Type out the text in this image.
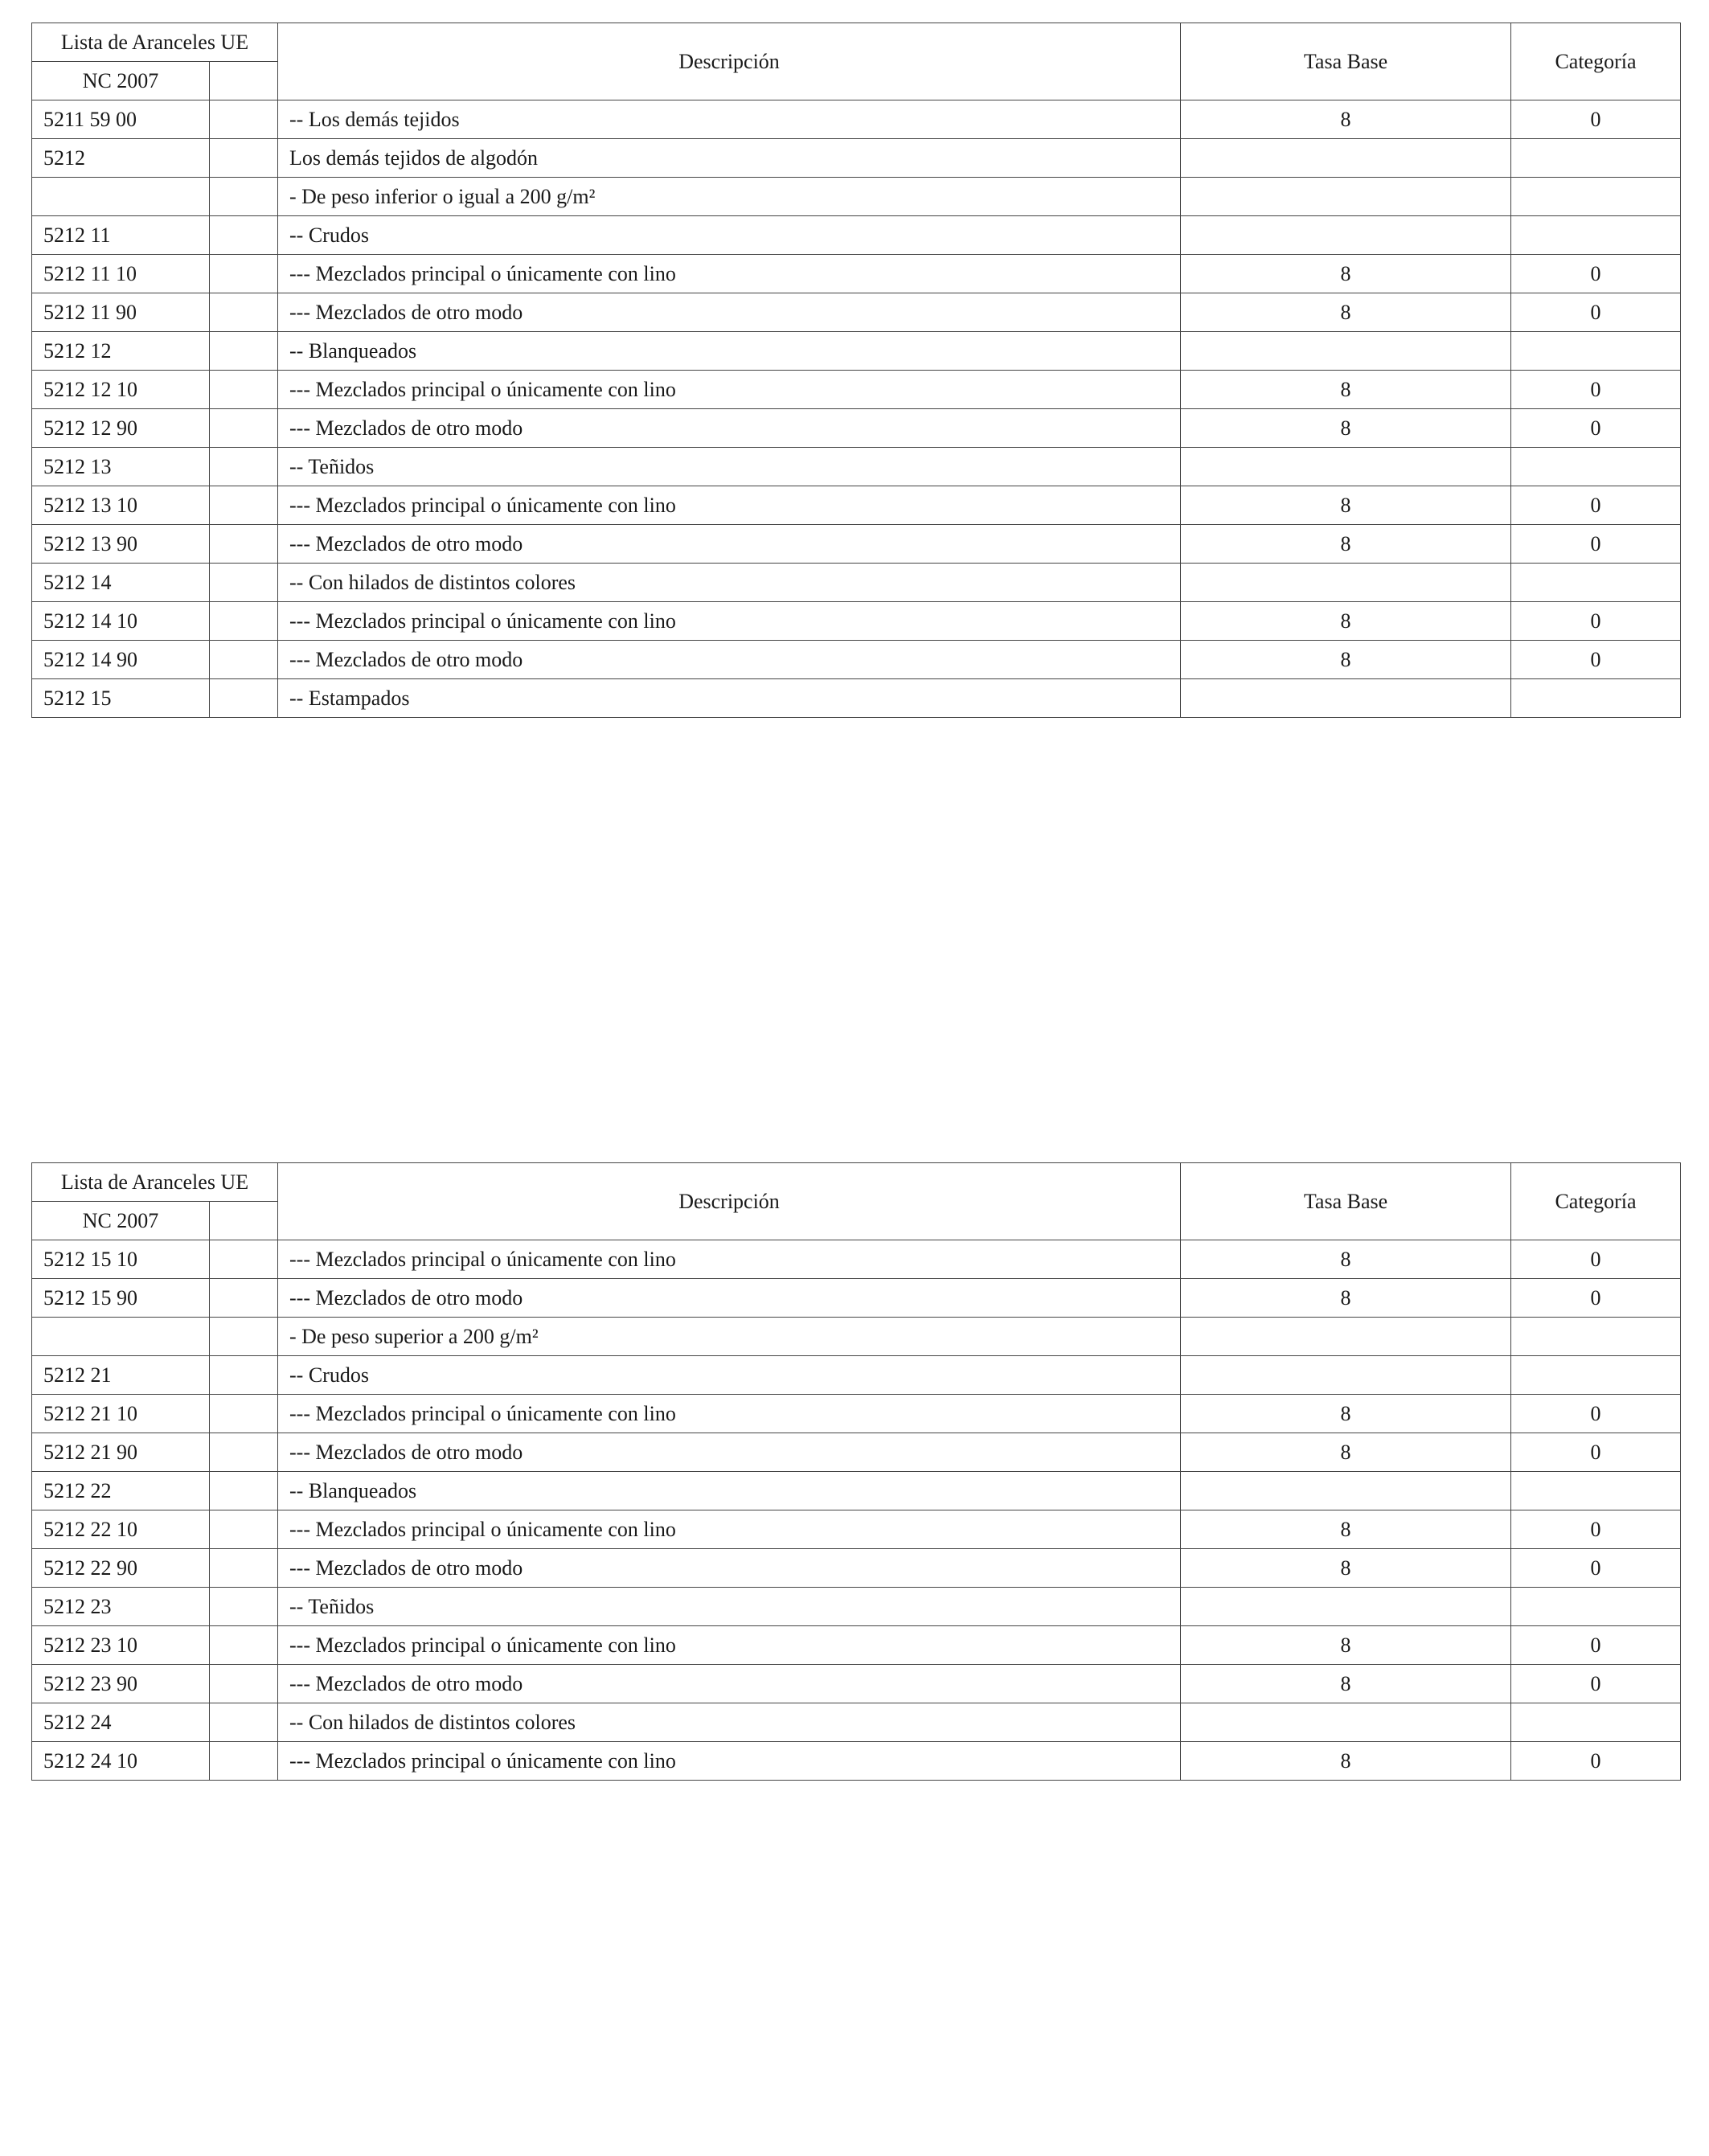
Lista de Aranceles UE		Descripción	Tasa Base	Categoría
NC 2007				
5211 59 00		-- Los demás tejidos	8	0
5212		Los demás tejidos de algodón		
		- De peso inferior o igual a 200 g/m²		
5212 11		-- Crudos		
5212 11 10		--- Mezclados principal o únicamente con lino	8	0
5212 11 90		--- Mezclados de otro modo	8	0
5212 12		-- Blanqueados		
5212 12 10		--- Mezclados principal o únicamente con lino	8	0
5212 12 90		--- Mezclados de otro modo	8	0
5212 13		-- Teñidos		
5212 13 10		--- Mezclados principal o únicamente con lino	8	0
5212 13 90		--- Mezclados de otro modo	8	0
5212 14		-- Con hilados de distintos colores		
5212 14 10		--- Mezclados principal o únicamente con lino	8	0
5212 14 90		--- Mezclados de otro modo	8	0
5212 15		-- Estampados		
Lista de Aranceles UE		Descripción	Tasa Base	Categoría
NC 2007				
5212 15 10		--- Mezclados principal o únicamente con lino	8	0
5212 15 90		--- Mezclados de otro modo	8	0
		- De peso superior a 200 g/m²		
5212 21		-- Crudos		
5212 21 10		--- Mezclados principal o únicamente con lino	8	0
5212 21 90		--- Mezclados de otro modo	8	0
5212 22		-- Blanqueados		
5212 22 10		--- Mezclados principal o únicamente con lino	8	0
5212 22 90		--- Mezclados de otro modo	8	0
5212 23		-- Teñidos		
5212 23 10		--- Mezclados principal o únicamente con lino	8	0
5212 23 90		--- Mezclados de otro modo	8	0
5212 24		-- Con hilados de distintos colores		
5212 24 10		--- Mezclados principal o únicamente con lino	8	0
